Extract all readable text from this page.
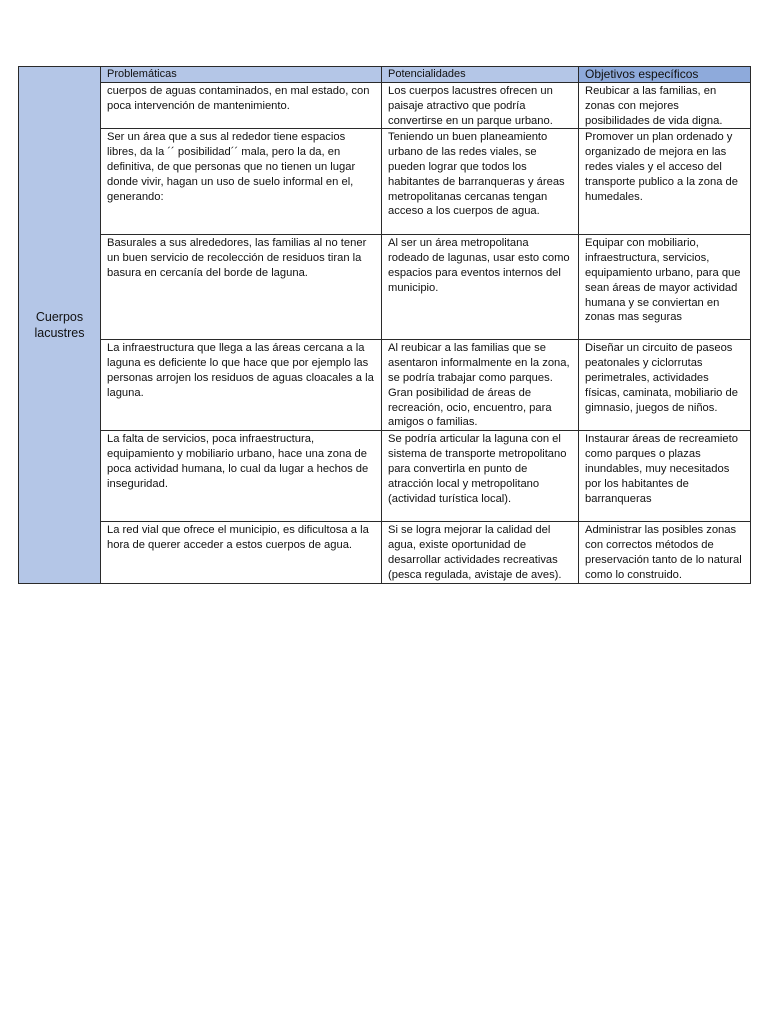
Cuerpos lacustres	Problemáticas	Potencialidades	Objetivos específicos
	cuerpos de aguas contaminados, en mal estado, con poca intervención de mantenimiento.	Los cuerpos lacustres ofrecen un paisaje atractivo que podría convertirse en un parque urbano.	Reubicar a las familias, en zonas con mejores posibilidades de vida digna.
	Ser un área que a sus al rededor tiene espacios libres, da la ´´ posibilidad´´ mala, pero la da, en definitiva, de que personas que no tienen un lugar donde vivir, hagan un uso de suelo informal en el, generando:	Teniendo un buen planeamiento urbano de las redes viales, se pueden lograr que todos los habitantes de barranqueras y áreas metropolitanas cercanas tengan acceso a los cuerpos de agua.	Promover un plan ordenado y organizado de mejora en las redes viales y el acceso del transporte publico a la zona de humedales.
	Basurales a sus alrededores, las familias al no tener un buen servicio de recolección de residuos tiran la basura en cercanía del borde de laguna.	Al ser un área metropolitana rodeado de lagunas, usar esto como espacios para eventos internos del municipio.	Equipar con mobiliario, infraestructura, servicios, equipamiento urbano, para que sean áreas de mayor actividad humana y se conviertan en zonas mas seguras
	La infraestructura que llega a las áreas cercana a la laguna es deficiente lo que hace que por ejemplo las personas arrojen los residuos de aguas cloacales a la laguna.	Al reubicar a las familias que se asentaron informalmente en la zona, se podría trabajar como parques. Gran posibilidad de áreas de recreación, ocio, encuentro, para amigos o familias.	Diseñar un circuito de paseos peatonales y ciclorrutas perimetrales, actividades físicas, caminata, mobiliario de gimnasio, juegos de niños.
	La falta de servicios, poca infraestructura, equipamiento y mobiliario urbano, hace una zona de poca actividad humana, lo cual da lugar a hechos de inseguridad.	Se podría articular la laguna con el sistema de transporte metropolitano para convertirla en punto de atracción local y metropolitano (actividad turística local).	Instaurar áreas de recreamieto como parques o plazas inundables, muy necesitados por los habitantes de barranqueras
	La red vial que ofrece el municipio, es dificultosa a la hora de querer acceder a estos cuerpos de agua.	Si se logra mejorar la calidad del agua, existe oportunidad de desarrollar actividades recreativas (pesca regulada, avistaje de aves).	Administrar las posibles zonas con correctos métodos de preservación tanto de lo natural como lo construido.
